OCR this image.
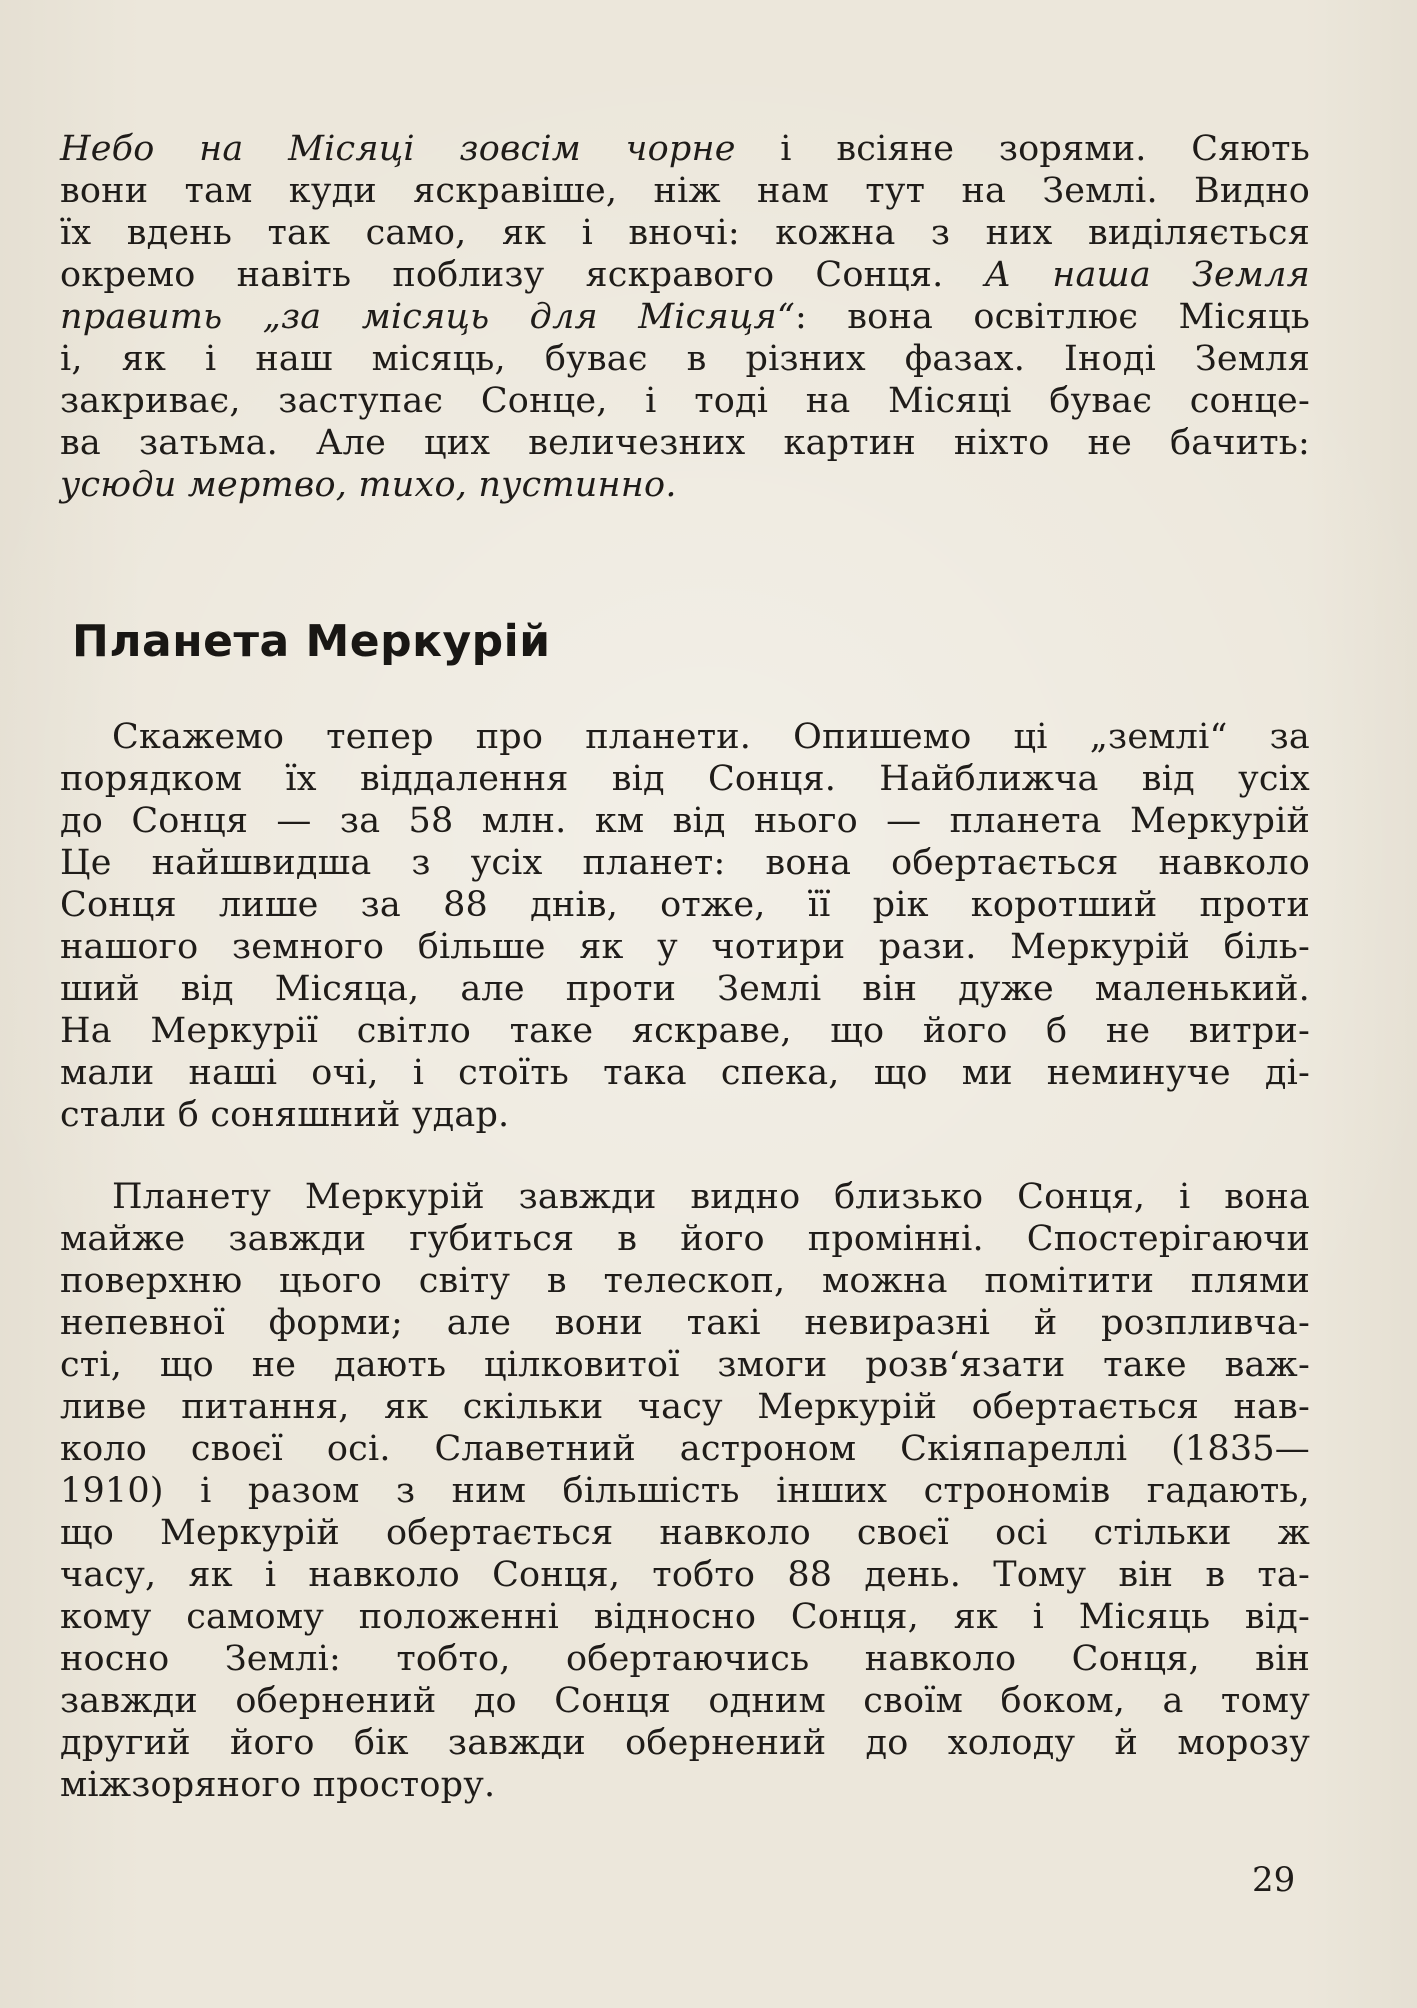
Небо на Місяці зовсім чорне і всіяне зорями. Сяють
вони там куди яскравіше, ніж нам тут на Землі. Видно
їх вдень так само, як і вночі: кожна з них виділяється
окремо навіть поблизу яскравого Сонця. А наша Земля
править „за місяць для Місяця“: вона освітлює Місяць
і, як і наш місяць, буває в різних фазах. Іноді Земля
закриває, заступає Сонце, і тоді на Місяці буває сонце-
ва затьма. Але цих величезних картин ніхто не бачить:
усюди мертво, тихо, пустинно.
Планета Меркурій
Скажемо тепер про планети. Опишемо ці „землі“ за
порядком їх віддалення від Сонця. Найближча від усіх
до Сонця — за 58 млн. км від нього — планета Меркурій
Це найшвидша з усіх планет: вона обертається навколо
Сонця лише за 88 днів, отже, її рік коротший проти
нашого земного більше як у чотири рази. Меркурій біль-
ший від Місяца, але проти Землі він дуже маленький.
На Меркурії світло таке яскраве, що його б не витри-
мали наші очі, і стоїть така спека, що ми неминуче ді-
стали б соняшний удар.
Планету Меркурій завжди видно близько Сонця, і вона
майже завжди губиться в його промінні. Спостерігаючи
поверхню цього світу в телескоп, можна помітити плями
непевної форми; але вони такі невиразні й розпливча-
сті, що не дають цілковитої змоги розв‘язати таке важ-
ливе питання, як скільки часу Меркурій обертається нав-
коло своєї осі. Славетний астроном Скіяпареллі (1835—
1910) і разом з ним більшість інших строномів гадають,
що Меркурій обертається навколо своєї осі стільки ж
часу, як і навколо Сонця, тобто 88 день. Тому він в та-
кому самому положенні відносно Сонця, як і Місяць від-
носно Землі: тобто, обертаючись навколо Сонця, він
завжди обернений до Сонця одним своїм боком, а тому
другий його бік завжди обернений до холоду й морозу
міжзоряного простору.
29
